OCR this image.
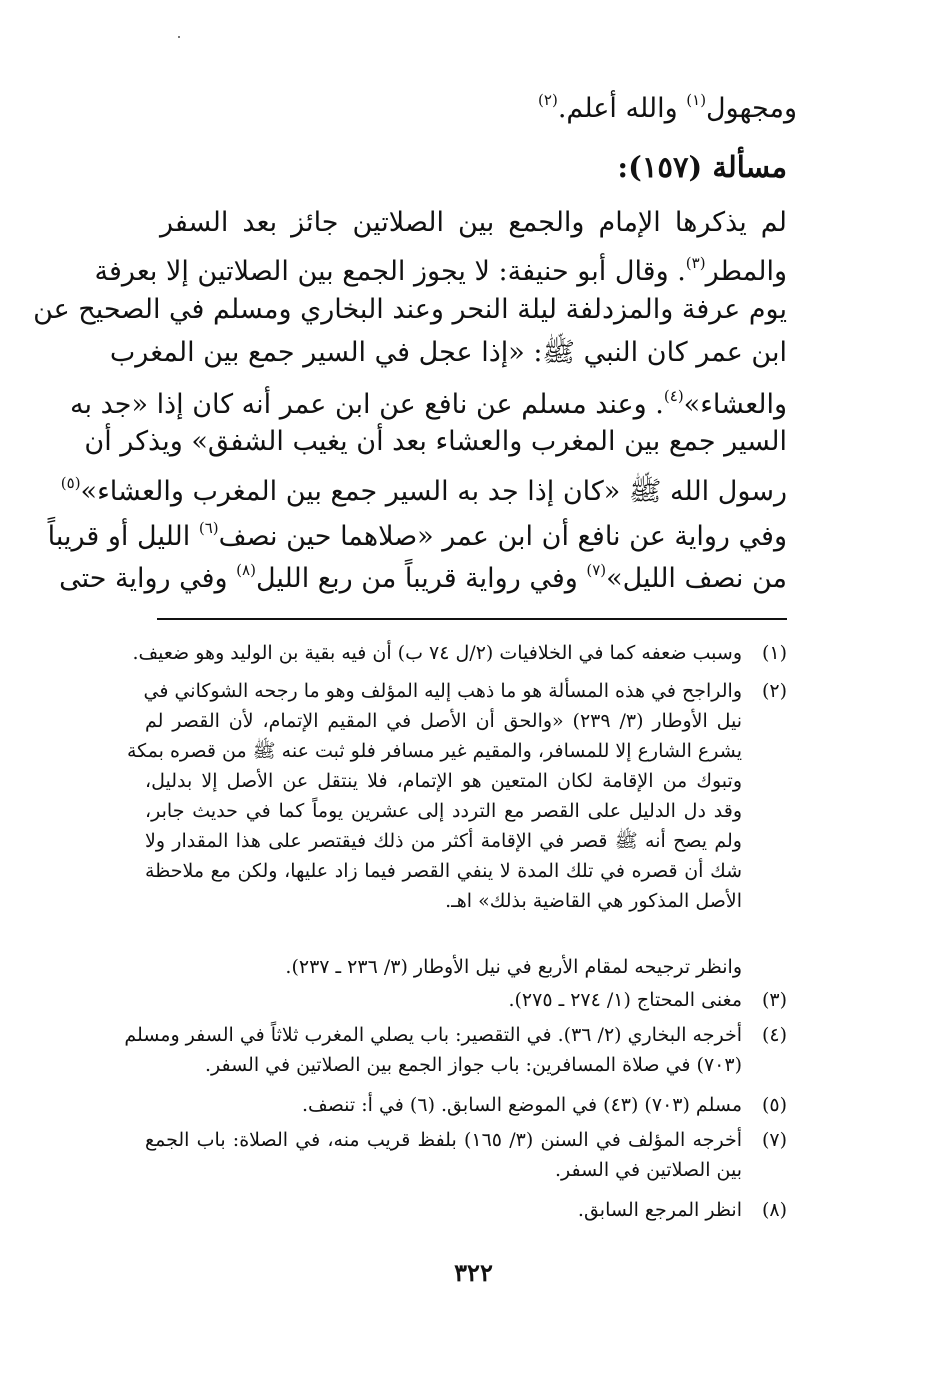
ومجهول$^{(١)}$ والله أعلم.$^{(٢)}$
مسألة (١٥٧):
لم يذكرها الإمام والجمع بين الصلاتين جائز بعد السفر
والمطر$^{(٣)}$. وقال أبو حنيفة: لا يجوز الجمع بين الصلاتين إلا بعرفة
يوم عرفة والمزدلفة ليلة النحر وعند البخاري ومسلم في الصحيح عن
ابن عمر كان النبي ﷺ: «إذا عجل في السير جمع بين المغرب
والعشاء»$^{(٤)}$. وعند مسلم عن نافع عن ابن عمر أنه كان إذا «جد به
السير جمع بين المغرب والعشاء بعد أن يغيب الشفق» ويذكر أن
رسول الله ﷺ «كان إذا جد به السير جمع بين المغرب والعشاء»$^{(٥)}$
وفي رواية عن نافع أن ابن عمر «صلاهما حين نصف$^{(٦)}$ الليل أو قريباً
من نصف الليل»$^{(٧)}$ وفي رواية قريباً من ربع الليل$^{(٨)}$ وفي رواية حتى
(١)
وسبب ضعفه كما في الخلافيات (٢/ل ٧٤ ب) أن فيه بقية بن الوليد وهو ضعيف.
(٢)
والراجح في هذه المسألة هو ما ذهب إليه المؤلف وهو ما رجحه الشوكاني في
نيل الأوطار (٣/ ٢٣٩) «والحق أن الأصل في المقيم الإتمام، لأن القصر لم
يشرع الشارع إلا للمسافر، والمقيم غير مسافر فلو ثبت عنه ﷺ من قصره بمكة
وتبوك من الإقامة لكان المتعين هو الإتمام، فلا ينتقل عن الأصل إلا بدليل،
وقد دل الدليل على القصر مع التردد إلى عشرين يوماً كما في حديث جابر،
ولم يصح أنه ﷺ قصر في الإقامة أكثر من ذلك فيقتصر على هذا المقدار ولا
شك أن قصره في تلك المدة لا ينفي القصر فيما زاد عليها، ولكن مع ملاحظة
الأصل المذكور هي القاضية بذلك» اهـ.
وانظر ترجيحه لمقام الأربع في نيل الأوطار (٣/ ٢٣٦ ـ ٢٣٧).
(٣)
مغنى المحتاج (١/ ٢٧٤ ـ ٢٧٥).
(٤)
أخرجه البخاري (٢/ ٣٦). في التقصير: باب يصلي المغرب ثلاثاً في السفر ومسلم
(٧٠٣) في صلاة المسافرين: باب جواز الجمع بين الصلاتين في السفر.
(٥)
مسلم (٧٠٣) (٤٣) في الموضع السابق. (٦) في أ: تنصف.
(٧)
أخرجه المؤلف في السنن (٣/ ١٦٥) بلفظ قريب منه، في الصلاة: باب الجمع
بين الصلاتين في السفر.
(٨)
انظر المرجع السابق.
٣٢٢
